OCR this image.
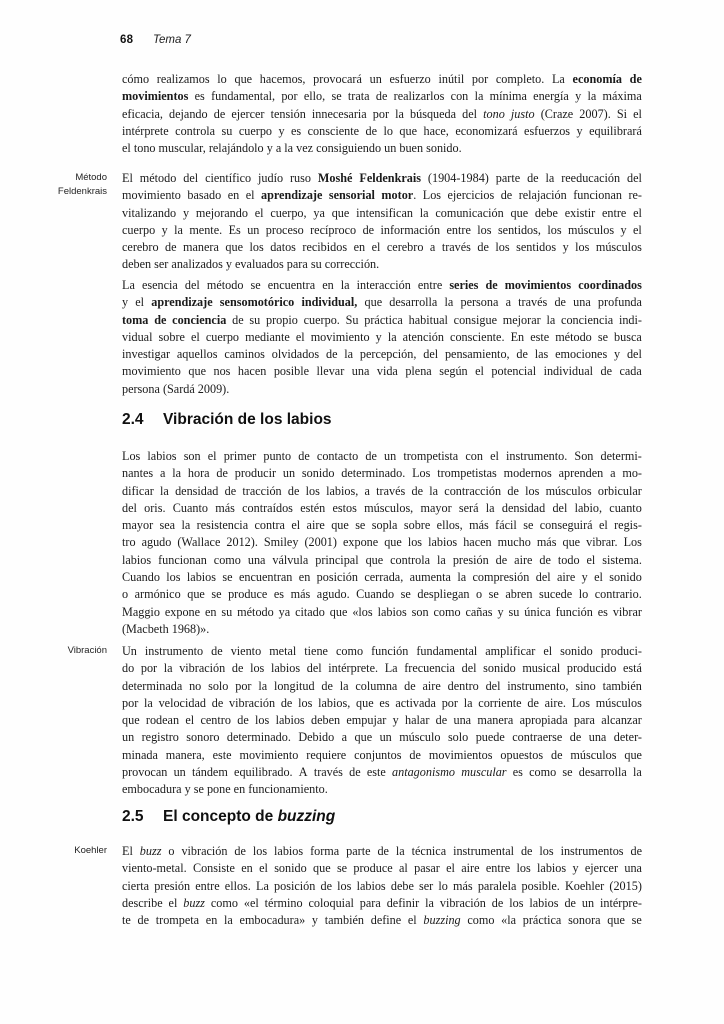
68 Tema 7
Método
Feldenkrais
Vibración
Koehler
cómo realizamos lo que hacemos, provocará un esfuerzo inútil por completo. La economía de
movimientos es fundamental, por ello, se trata de realizarlos con la mínima energía y la máxima
eficacia, dejando de ejercer tensión innecesaria por la búsqueda del tono justo (Craze 2007). Si el
intérprete controla su cuerpo y es consciente de lo que hace, economizará esfuerzos y equilibrará
el tono muscular, relajándolo y a la vez consiguiendo un buen sonido.
El método del científico judío ruso Moshé Feldenkrais (1904-1984) parte de la reeducación del
movimiento basado en el aprendizaje sensorial motor. Los ejercicios de relajación funcionan re-
vitalizando y mejorando el cuerpo, ya que intensifican la comunicación que debe existir entre el
cuerpo y la mente. Es un proceso recíproco de información entre los sentidos, los músculos y el
cerebro de manera que los datos recibidos en el cerebro a través de los sentidos y los músculos
deben ser analizados y evaluados para su corrección.
La esencia del método se encuentra en la interacción entre series de movimientos coordinados
y el aprendizaje sensomotórico individual, que desarrolla la persona a través de una profunda
toma de conciencia de su propio cuerpo. Su práctica habitual consigue mejorar la conciencia indi-
vidual sobre el cuerpo mediante el movimiento y la atención consciente. En este método se busca
investigar aquellos caminos olvidados de la percepción, del pensamiento, de las emociones y del
movimiento que nos hacen posible llevar una vida plena según el potencial individual de cada
persona (Sardá 2009).
2.4 Vibración de los labios
Los labios son el primer punto de contacto de un trompetista con el instrumento. Son determi-
nantes a la hora de producir un sonido determinado. Los trompetistas modernos aprenden a mo-
dificar la densidad de tracción de los labios, a través de la contracción de los músculos orbicular
del oris. Cuanto más contraídos estén estos músculos, mayor será la densidad del labio, cuanto
mayor sea la resistencia contra el aire que se sopla sobre ellos, más fácil se conseguirá el regis-
tro agudo (Wallace 2012). Smiley (2001) expone que los labios hacen mucho más que vibrar. Los
labios funcionan como una válvula principal que controla la presión de aire de todo el sistema.
Cuando los labios se encuentran en posición cerrada, aumenta la compresión del aire y el sonido
o armónico que se produce es más agudo. Cuando se despliegan o se abren sucede lo contrario.
Maggio expone en su método ya citado que «los labios son como cañas y su única función es vibrar
(Macbeth 1968)».
Un instrumento de viento metal tiene como función fundamental amplificar el sonido produci-
do por la vibración de los labios del intérprete. La frecuencia del sonido musical producido está
determinada no solo por la longitud de la columna de aire dentro del instrumento, sino también
por la velocidad de vibración de los labios, que es activada por la corriente de aire. Los músculos
que rodean el centro de los labios deben empujar y halar de una manera apropiada para alcanzar
un registro sonoro determinado. Debido a que un músculo solo puede contraerse de una deter-
minada manera, este movimiento requiere conjuntos de movimientos opuestos de músculos que
provocan un tándem equilibrado. A través de este antagonismo muscular es como se desarrolla la
embocadura y se pone en funcionamiento.
2.5 El concepto de buzzing
El buzz o vibración de los labios forma parte de la técnica instrumental de los instrumentos de
viento-metal. Consiste en el sonido que se produce al pasar el aire entre los labios y ejercer una
cierta presión entre ellos. La posición de los labios debe ser lo más paralela posible. Koehler (2015)
describe el buzz como «el término coloquial para definir la vibración de los labios de un intérpre-
te de trompeta en la embocadura» y también define el buzzing como «la práctica sonora que se
